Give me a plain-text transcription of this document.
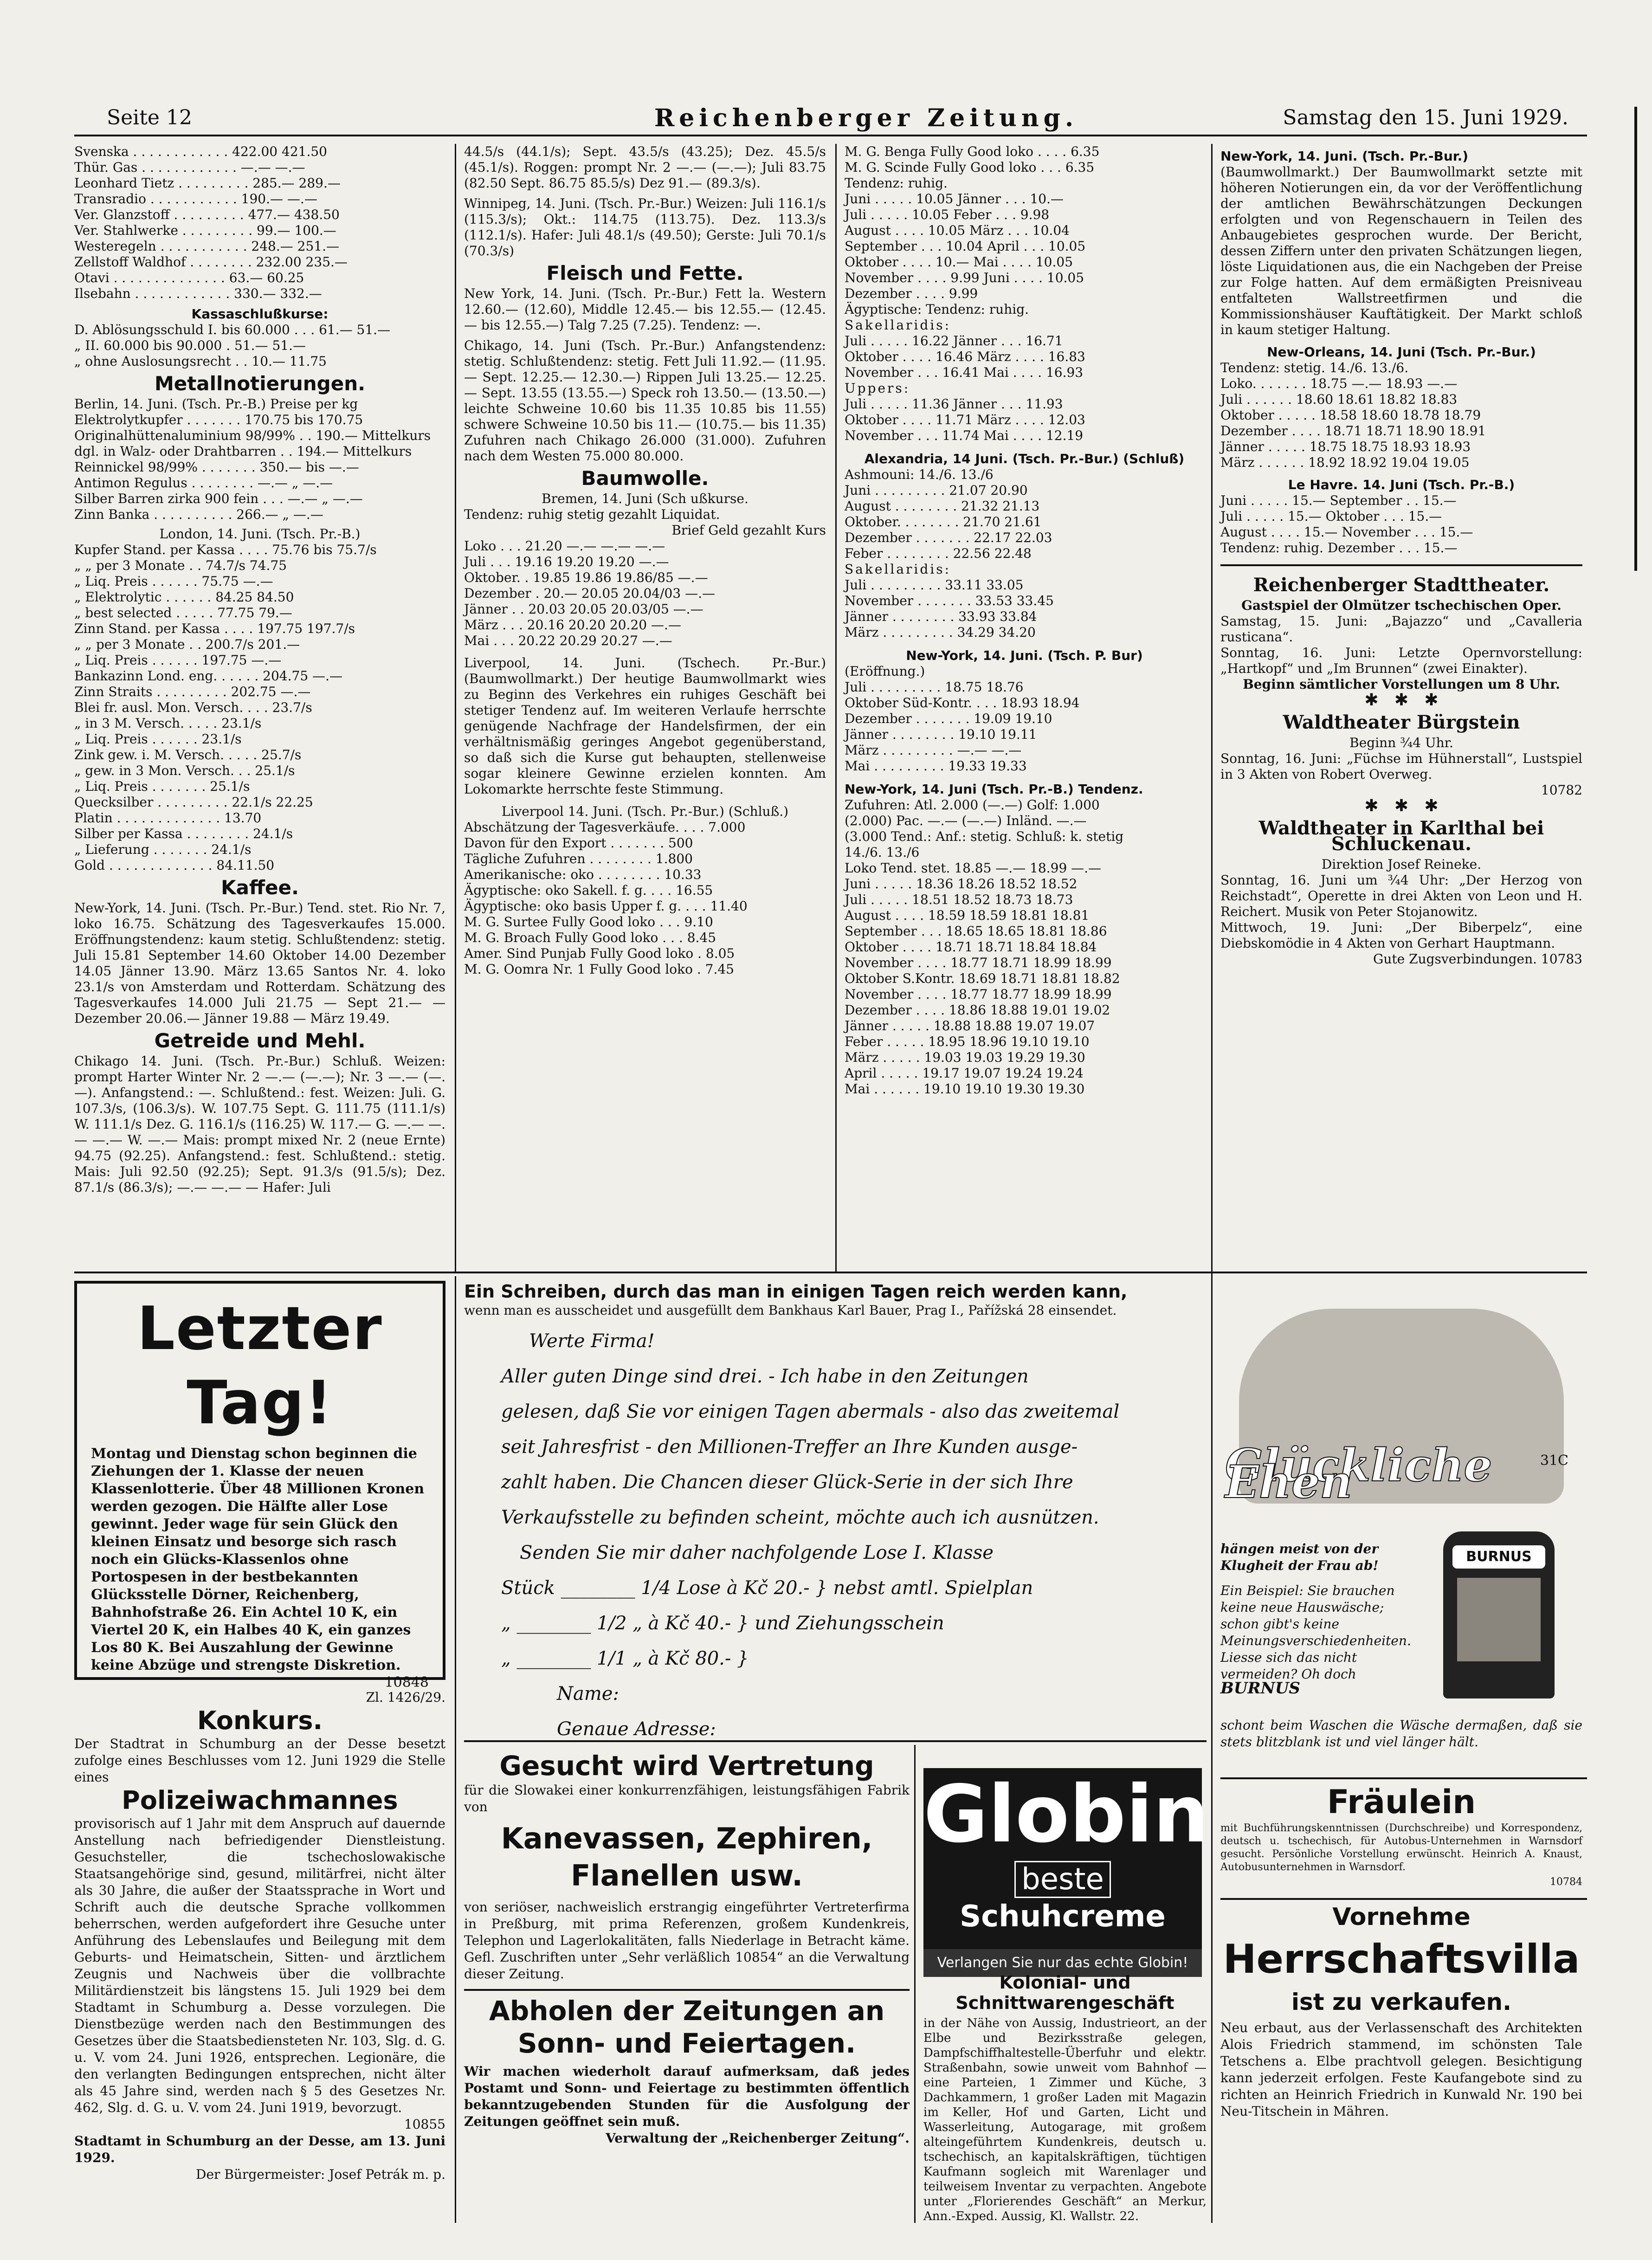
Seite 12	Reichenberger Zeitung.	Samstag den 15. Juni 1929.

Svenska . . . . . . . . . . . . 422.00 421.50

Thür. Gas . . . . . . . . . . . . —.— —.—

Leonhard Tietz . . . . . . . . . 285.— 289.—

Transradio . . . . . . . . . . . 190.— —.—

Ver. Glanzstoff . . . . . . . . . 477.— 438.50

Ver. Stahlwerke . . . . . . . . . 99.— 100.—

Westeregeln . . . . . . . . . . . 248.— 251.—

Zellstoff Waldhof . . . . . . . . 232.00 235.—

Otavi . . . . . . . . . . . . . . 63.— 60.25

Ilsebahn . . . . . . . . . . . . 330.— 332.—

Kassaschlußkurse:

D. Ablösungsschuld I. bis 60.000 . . . 61.— 51.—

„ II. 60.000 bis 90.000 . 51.— 51.—

„ ohne Auslosungsrecht . . 10.— 11.75

Metallnotierungen.

Berlin, 14. Juni. (Tsch. Pr.-B.) Preise per kg

Elektrolytkupfer . . . . . . . 170.75 bis 170.75

Originalhüttenaluminium 98/99% . . 190.— Mittelkurs

dgl. in Walz- oder Drahtbarren . . 194.— Mittelkurs

Reinnickel 98/99% . . . . . . . 350.— bis —.—

Antimon Regulus . . . . . . . . —.— „ —.—

Silber Barren zirka 900 fein . . . —.— „ —.—

Zinn Banka . . . . . . . . . . 266.— „ —.—

London, 14. Juni. (Tsch. Pr.-B.)

Kupfer Stand. per Kassa . . . . 75.76 bis 75.7/s

„ „ per 3 Monate . . 74.7/s 74.75

„ Liq. Preis . . . . . . 75.75 —.—

„ Elektrolytic . . . . . . 84.25 84.50

„ best selected . . . . . 77.75 79.—

Zinn Stand. per Kassa . . . . 197.75 197.7/s

„ „ per 3 Monate . . 200.7/s 201.—

„ Liq. Preis . . . . . . 197.75 —.—

Bankazinn Lond. eng. . . . . . 204.75 —.—

Zinn Straits . . . . . . . . . 202.75 —.—

Blei fr. ausl. Mon. Versch. . . . 23.7/s

„ in 3 M. Versch. . . . . 23.1/s

„ Liq. Preis . . . . . . 23.1/s

Zink gew. i. M. Versch. . . . . 25.7/s

„ gew. in 3 Mon. Versch. . . 25.1/s

„ Liq. Preis . . . . . . . 25.1/s

Quecksilber . . . . . . . . . 22.1/s 22.25

Platin . . . . . . . . . . . . . 13.70

Silber per Kassa . . . . . . . . 24.1/s

„ Lieferung . . . . . . . 24.1/s

Gold . . . . . . . . . . . . . 84.11.50

Kaffee.

New-York, 14. Juni. (Tsch. Pr.-Bur.) Tend. stet. Rio Nr. 7, loko 16.75. Schätzung des Tagesverkaufes 15.000. Eröffnungstendenz: kaum stetig. Schlußtendenz: stetig. Juli 15.81 September 14.60 Oktober 14.00 Dezember 14.05 Jänner 13.90. März 13.65 Santos Nr. 4. loko 23.1/s von Amsterdam und Rotterdam. Schätzung des Tagesverkaufes 14.000 Juli 21.75 — Sept 21.— — Dezember 20.06.— Jänner 19.88 — März 19.49.

Getreide und Mehl.

Chikago 14. Juni. (Tsch. Pr.-Bur.) Schluß. Weizen: prompt Harter Winter Nr. 2 —.— (—.—); Nr. 3 —.— (—.—). Anfangstend.: —. Schlußtend.: fest. Weizen: Juli. G. 107.3/s, (106.3/s). W. 107.75 Sept. G. 111.75 (111.1/s) W. 111.1/s Dez. G. 116.1/s (116.25) W. 117.— G. —.— —.— —.— W. —.— Mais: prompt mixed Nr. 2 (neue Ernte) 94.75 (92.25). Anfangstend.: fest. Schlußtend.: stetig. Mais: Juli 92.50 (92.25); Sept. 91.3/s (91.5/s); Dez. 87.1/s (86.3/s); —.— —.— — Hafer: Juli

44.5/s (44.1/s); Sept. 43.5/s (43.25); Dez. 45.5/s (45.1/s). Roggen: prompt Nr. 2 —.— (—.—); Juli 83.75 (82.50 Sept. 86.75 85.5/s) Dez 91.— (89.3/s).

Winnipeg, 14. Juni. (Tsch. Pr.-Bur.) Weizen: Juli 116.1/s (115.3/s); Okt.: 114.75 (113.75). Dez. 113.3/s (112.1/s). Hafer: Juli 48.1/s (49.50); Gerste: Juli 70.1/s (70.3/s)

Fleisch und Fette.

New York, 14. Juni. (Tsch. Pr.-Bur.) Fett la. Western 12.60.— (12.60), Middle 12.45.— bis 12.55.— (12.45.— bis 12.55.—) Talg 7.25 (7.25). Tendenz: —.

Chikago, 14. Juni (Tsch. Pr.-Bur.) Anfangstendenz: stetig. Schlußtendenz: stetig. Fett Juli 11.92.— (11.95.— Sept. 12.25.— 12.30.—) Rippen Juli 13.25.— 12.25.— Sept. 13.55 (13.55.—) Speck roh 13.50.— (13.50.—) leichte Schweine 10.60 bis 11.35 10.85 bis 11.55) schwere Schweine 10.50 bis 11.— (10.75.— bis 11.35) Zufuhren nach Chikago 26.000 (31.000). Zufuhren nach dem Westen 75.000 80.000.

Baumwolle.

Bremen, 14. Juni (Sch ußkurse.

Tendenz: ruhig stetig gezahlt Liquidat.

Brief Geld gezahlt Kurs

Loko . . . 21.20 —.— —.— —.—

Juli . . . 19.16 19.20 19.20 —.—

Oktober. . 19.85 19.86 19.86/85 —.—

Dezember . 20.— 20.05 20.04/03 —.—

Jänner . . 20.03 20.05 20.03/05 —.—

März . . . 20.16 20.20 20.20 —.—

Mai . . . 20.22 20.29 20.27 —.—

Liverpool, 14. Juni. (Tschech. Pr.-Bur.) (Baumwollmarkt.) Der heutige Baumwollmarkt wies zu Beginn des Verkehres ein ruhiges Geschäft bei stetiger Tendenz auf. Im weiteren Verlaufe herrschte genügende Nachfrage der Handelsfirmen, der ein verhältnismäßig geringes Angebot gegenüberstand, so daß sich die Kurse gut behaupten, stellenweise sogar kleinere Gewinne erzielen konnten. Am Lokomarkte herrschte feste Stimmung.

Liverpool 14. Juni. (Tsch. Pr.-Bur.) (Schluß.)

Abschätzung der Tagesverkäufe. . . . 7.000

Davon für den Export . . . . . . . 500

Tägliche Zufuhren . . . . . . . . 1.800

Amerikanische: oko . . . . . . . . 10.33

Ägyptische: oko Sakell. f. g. . . . 16.55

Ägyptische: oko basis Upper f. g. . . . 11.40

M. G. Surtee Fully Good loko . . . 9.10

M. G. Broach Fully Good loko . . . 8.45

Amer. Sind Punjab Fully Good loko . 8.05

M. G. Oomra Nr. 1 Fully Good loko . 7.45

M. G. Benga Fully Good loko . . . . 6.35

M. G. Scinde Fully Good loko . . . 6.35

Tendenz: ruhig.

Juni . . . . . 10.05 Jänner . . . 10.—

Juli . . . . . 10.05 Feber . . . 9.98

August . . . . 10.05 März . . . 10.04

September . . . 10.04 April . . . 10.05

Oktober . . . . 10.— Mai . . . . 10.05

November . . . . 9.99 Juni . . . . 10.05

Dezember . . . . 9.99

Ägyptische: Tendenz: ruhig.

Sakellaridis:

Juli . . . . . 16.22 Jänner . . . 16.71

Oktober . . . . 16.46 März . . . . 16.83

November . . . 16.41 Mai . . . . 16.93

Uppers:

Juli . . . . . 11.36 Jänner . . . 11.93

Oktober . . . . 11.71 März . . . . 12.03

November . . . 11.74 Mai . . . . 12.19

Alexandria, 14 Juni. (Tsch. Pr.-Bur.) (Schluß)

Ashmouni: 14./6. 13./6

Juni . . . . . . . . . 21.07 20.90

August . . . . . . . . 21.32 21.13

Oktober. . . . . . . . 21.70 21.61

Dezember . . . . . . . 22.17 22.03

Feber . . . . . . . . 22.56 22.48

Sakellaridis:

Juli . . . . . . . . . 33.11 33.05

November . . . . . . . 33.53 33.45

Jänner . . . . . . . . 33.93 33.84

März . . . . . . . . . 34.29 34.20

New-York, 14. Juni. (Tsch. P. Bur)

(Eröffnung.)

Juli . . . . . . . . . 18.75 18.76

Oktober Süd-Kontr. . . . 18.93 18.94

Dezember . . . . . . . 19.09 19.10

Jänner . . . . . . . . 19.10 19.11

März . . . . . . . . . —.— —.—

Mai . . . . . . . . . 19.33 19.33

New-York, 14. Juni (Tsch. Pr.-B.) Tendenz.

Zufuhren: Atl. 2.000 (—.—) Golf: 1.000

(2.000) Pac. —.— (—.—) Inländ. —.—

(3.000 Tend.: Anf.: stetig. Schluß: k. stetig

14./6. 13./6

Loko Tend. stet. 18.85 —.— 18.99 —.—

Juni . . . . . 18.36 18.26 18.52 18.52

Juli . . . . . 18.51 18.52 18.73 18.73

August . . . . 18.59 18.59 18.81 18.81

September . . . 18.65 18.65 18.81 18.86

Oktober . . . . 18.71 18.71 18.84 18.84

November . . . . 18.77 18.71 18.99 18.99

Oktober S.Kontr. 18.69 18.71 18.81 18.82

November . . . . 18.77 18.77 18.99 18.99

Dezember . . . . 18.86 18.88 19.01 19.02

Jänner . . . . . 18.88 18.88 19.07 19.07

Feber . . . . . 18.95 18.96 19.10 19.10

März . . . . . 19.03 19.03 19.29 19.30

April . . . . . 19.17 19.07 19.24 19.24

Mai . . . . . . 19.10 19.10 19.30 19.30

New-York, 14. Juni. (Tsch. Pr.-Bur.)

(Baumwollmarkt.) Der Baumwollmarkt setzte mit höheren Notierungen ein, da vor der Veröffentlichung der amtlichen Bewährschätzungen Deckungen erfolgten und von Regenschauern in Teilen des Anbaugebietes gesprochen wurde. Der Bericht, dessen Ziffern unter den privaten Schätzungen liegen, löste Liquidationen aus, die ein Nachgeben der Preise zur Folge hatten. Auf dem ermäßigten Preisniveau entfalteten Wallstreetfirmen und die Kommissionshäuser Kauftätigkeit. Der Markt schloß in kaum stetiger Haltung.

New-Orleans, 14. Juni (Tsch. Pr.-Bur.)

Tendenz: stetig. 14./6. 13./6.

Loko. . . . . . . 18.75 —.— 18.93 —.—

Juli . . . . . . 18.60 18.61 18.82 18.83

Oktober . . . . . 18.58 18.60 18.78 18.79

Dezember . . . . 18.71 18.71 18.90 18.91

Jänner . . . . . 18.75 18.75 18.93 18.93

März . . . . . . 18.92 18.92 19.04 19.05

Le Havre. 14. Juni (Tsch. Pr.-B.)

Juni . . . . . 15.— September . . 15.—

Juli . . . . . 15.— Oktober . . . 15.—

August . . . . 15.— November . . . 15.—

Tendenz: ruhig. Dezember . . . 15.—

Reichenberger Stadttheater.

Gastspiel der Olmützer tschechischen Oper.

Samstag, 15. Juni: „Bajazzo“ und „Cavalleria rusticana“.

Sonntag, 16. Juni: Letzte Opernvorstellung: „Hartkopf“ und „Im Brunnen“ (zwei Einakter).

Beginn sämtlicher Vorstellungen um 8 Uhr.

✱   ✱   ✱

Waldtheater Bürgstein

Beginn ¾4 Uhr.

Sonntag, 16. Juni: „Füchse im Hühnerstall“, Lustspiel in 3 Akten von Robert Overweg.

10782

✱   ✱   ✱

Waldtheater in Karlthal bei Schluckenau.

Direktion Josef Reineke.

Sonntag, 16. Juni um ¾4 Uhr: „Der Herzog von Reichstadt“, Operette in drei Akten von Leon und H. Reichert. Musik von Peter Stojanowitz.

Mittwoch, 19. Juni: „Der Biberpelz“, eine Diebskomödie in 4 Akten von Gerhart Hauptmann.

Gute Zugsverbindungen. 10783

Letzter Tag!

Montag und Dienstag schon beginnen die Ziehungen der 1. Klasse der neuen Klassenlotterie. Über 48 Millionen Kronen werden gezogen. Die Hälfte aller Lose gewinnt. Jeder wage für sein Glück den kleinen Einsatz und besorge sich rasch noch ein Glücks-Klassenlos ohne Portospesen in der bestbekannten Glücksstelle Dörner, Reichenberg, Bahnhofstraße 26. Ein Achtel 10 K, ein Viertel 20 K, ein Halbes 40 K, ein ganzes Los 80 K. Bei Auszahlung der Gewinne keine Abzüge und strengste Diskretion.

10848

Zl. 1426/29.

Konkurs.

Der Stadtrat in Schumburg an der Desse besetzt zufolge eines Beschlusses vom 12. Juni 1929 die Stelle eines

Polizeiwachmannes

provisorisch auf 1 Jahr mit dem Anspruch auf dauernde Anstellung nach befriedigender Dienstleistung. Gesuchsteller, die tschechoslowakische Staatsangehörige sind, gesund, militärfrei, nicht älter als 30 Jahre, die außer der Staatssprache in Wort und Schrift auch die deutsche Sprache vollkommen beherrschen, werden aufgefordert ihre Gesuche unter Anführung des Lebenslaufes und Beilegung mit dem Geburts- und Heimatschein, Sitten- und ärztlichem Zeugnis und Nachweis über die vollbrachte Militärdienstzeit bis längstens 15. Juli 1929 bei dem Stadtamt in Schumburg a. Desse vorzulegen. Die Dienstbezüge werden nach den Bestimmungen des Gesetzes über die Staatsbediensteten Nr. 103, Slg. d. G. u. V. vom 24. Juni 1926, entsprechen. Legionäre, die den verlangten Bedingungen entsprechen, nicht älter als 45 Jahre sind, werden nach § 5 des Gesetzes Nr. 462, Slg. d. G. u. V. vom 24. Juni 1919, bevorzugt.

10855

Stadtamt in Schumburg an der Desse, am 13. Juni 1929.

Der Bürgermeister: Josef Petrák m. p.

Ein Schreiben, durch das man in einigen Tagen reich werden kann,

wenn man es ausscheidet und ausgefüllt dem Bankhaus Karl Bauer, Prag I., Pařížská 28 einsendet.

Werte Firma!

Aller guten Dinge sind drei. - Ich habe in den Zeitungen

gelesen, daß Sie vor einigen Tagen abermals - also das zweitemal

seit Jahresfrist - den Millionen-Treffer an Ihre Kunden ausge-

zahlt haben. Die Chancen dieser Glück-Serie in der sich Ihre

Verkaufsstelle zu befinden scheint, möchte auch ich ausnützen.

Senden Sie mir daher nachfolgende Lose I. Klasse

Stück ________ 1/4 Lose à Kč 20.- } nebst amtl. Spielplan

„ ________ 1/2 „ à Kč 40.- } und Ziehungsschein

„ ________ 1/1 „ à Kč 80.- }

Name:

Genaue Adresse:

Gesucht wird Vertretung

für die Slowakei einer konkurrenzfähigen, leistungsfähigen Fabrik von

Kanevassen, Zephiren, Flanellen usw.

von seriöser, nachweislich erstrangig eingeführter Vertreterfirma in Preßburg, mit prima Referenzen, großem Kundenkreis, Telephon und Lagerlokalitäten, falls Niederlage in Betracht käme. Gefl. Zuschriften unter „Sehr verläßlich 10854“ an die Verwaltung dieser Zeitung.

Abholen der Zeitungen an Sonn- und Feiertagen.

Wir machen wiederholt darauf aufmerksam, daß jedes Postamt und Sonn- und Feiertage zu bestimmten öffentlich bekanntzugebenden Stunden für die Ausfolgung der Zeitungen geöffnet sein muß.

Verwaltung der „Reichenberger Zeitung“.

Globin
beste Schuhcreme
Verlangen Sie nur das echte Globin!
Kolonial- und Schnittwarengeschäft

in der Nähe von Aussig, Industrieort, an der Elbe und Bezirksstraße gelegen, Dampfschiffhaltestelle-Überfuhr und elektr. Straßenbahn, sowie unweit vom Bahnhof — eine Parteien, 1 Zimmer und Küche, 3 Dachkammern, 1 großer Laden mit Magazin im Keller, Hof und Garten, Licht und Wasserleitung, Autogarage, mit großem alteingeführtem Kundenkreis, deutsch u. tschechisch, an kapitalskräftigen, tüchtigen Kaufmann sogleich mit Warenlager und teilweisem Inventar zu verpachten. Angebote unter „Florierendes Geschäft“ an Merkur, Ann.-Exped. Aussig, Kl. Wallstr. 22.

Glückliche Ehen	31C

hängen meist von der Klugheit der Frau ab!

Ein Beispiel: Sie brauchen keine neue Hauswäsche; schon gibt's keine Meinungsverschiedenheiten. Liesse sich das nicht vermeiden? Oh doch

BURNUS

BURNUS

schont beim Waschen die Wäsche dermaßen, daß sie stets blitzblank ist und viel länger hält.

Fräulein

mit Buchführungskenntnissen (Durchschreibe) und Korrespondenz, deutsch u. tschechisch, für Autobus-Unternehmen in Warnsdorf gesucht. Persönliche Vorstellung erwünscht. Heinrich A. Knaust, Autobusunternehmen in Warnsdorf.

10784

Vornehme
Herrschaftsvilla
ist zu verkaufen.

Neu erbaut, aus der Verlassenschaft des Architekten Alois Friedrich stammend, im schönsten Tale Tetschens a. Elbe prachtvoll gelegen. Besichtigung kann jederzeit erfolgen. Feste Kaufangebote sind zu richten an Heinrich Friedrich in Kunwald Nr. 190 bei Neu-Titschein in Mähren.
